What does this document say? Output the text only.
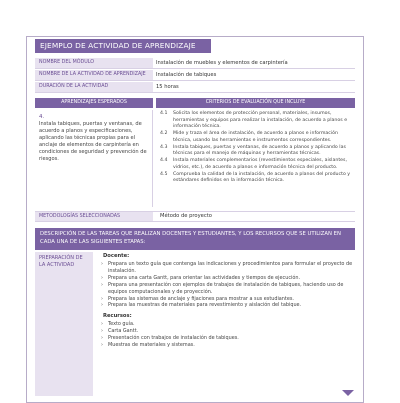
EJEMPLO DE ACTIVIDAD DE APRENDIZAJE
NOMBRE DEL MÓDULO	Instalación de muebles y elementos de carpintería
NOMBRE DE LA ACTIVIDAD DE APRENDIZAJE	Instalación de tabiques
DURACIÓN DE LA ACTIVIDAD	15 horas
APRENDIZAJES ESPERADOS	CRITERIOS DE EVALUACIÓN QUE INCLUYE
4.
Instala tabiques, puertas y ventanas, de acuerdo a planos y especificaciones, aplicando las técnicas propias para el anclaje de elementos de carpintería en condiciones de seguridad y prevención de riesgos.
4.1 Solicita los elementos de protección personal, materiales, insumos, herramientas y equipos para realizar la instalación, de acuerdo a planos e información técnica.
4.2 Mide y traza el área de instalación, de acuerdo a planos e información técnica, usando las herramientas e instrumentos correspondientes.
4.3 Instala tabiques, puertas y ventanas, de acuerdo a planos y aplicando las técnicas para el manejo de máquinas y herramientas técnicas.
4.4 Instala materiales complementarios (revestimientos especiales, aislantes, vidrios, etc.), de acuerdo a planos e información técnica del producto.
4.5 Comprueba la calidad de la instalación, de acuerdo a planos del producto y estándares definidos en la información técnica.
METODOLOGÍAS SELECCIONADAS	Método de proyecto
DESCRIPCIÓN DE LAS TAREAS QUE REALIZAN DOCENTES Y ESTUDIANTES, Y LOS RECURSOS QUE SE UTILIZAN EN CADA UNA DE LAS SIGUIENTES ETAPAS:
PREPARACIÓN DE LA ACTIVIDAD
Docente:
› Prepara un texto guía que contenga las indicaciones y procedimientos para formular el proyecto de instalación.
› Prepara una carta Gantt, para orientar las actividades y tiempos de ejecución.
› Prepara una presentación con ejemplos de trabajos de instalación de tabiques, haciendo uso de equipos computacionales y de proyección.
› Prepara las sistemas de anclaje y fijaciones para mostrar a sus estudiantes.
› Prepara las muestras de materiales para revestimiento y aislación del tabique.
Recursos:
› Texto guía.
› Carta Gantt.
› Presentación con trabajos de instalación de tabiques.
› Muestras de materiales y sistemas.
